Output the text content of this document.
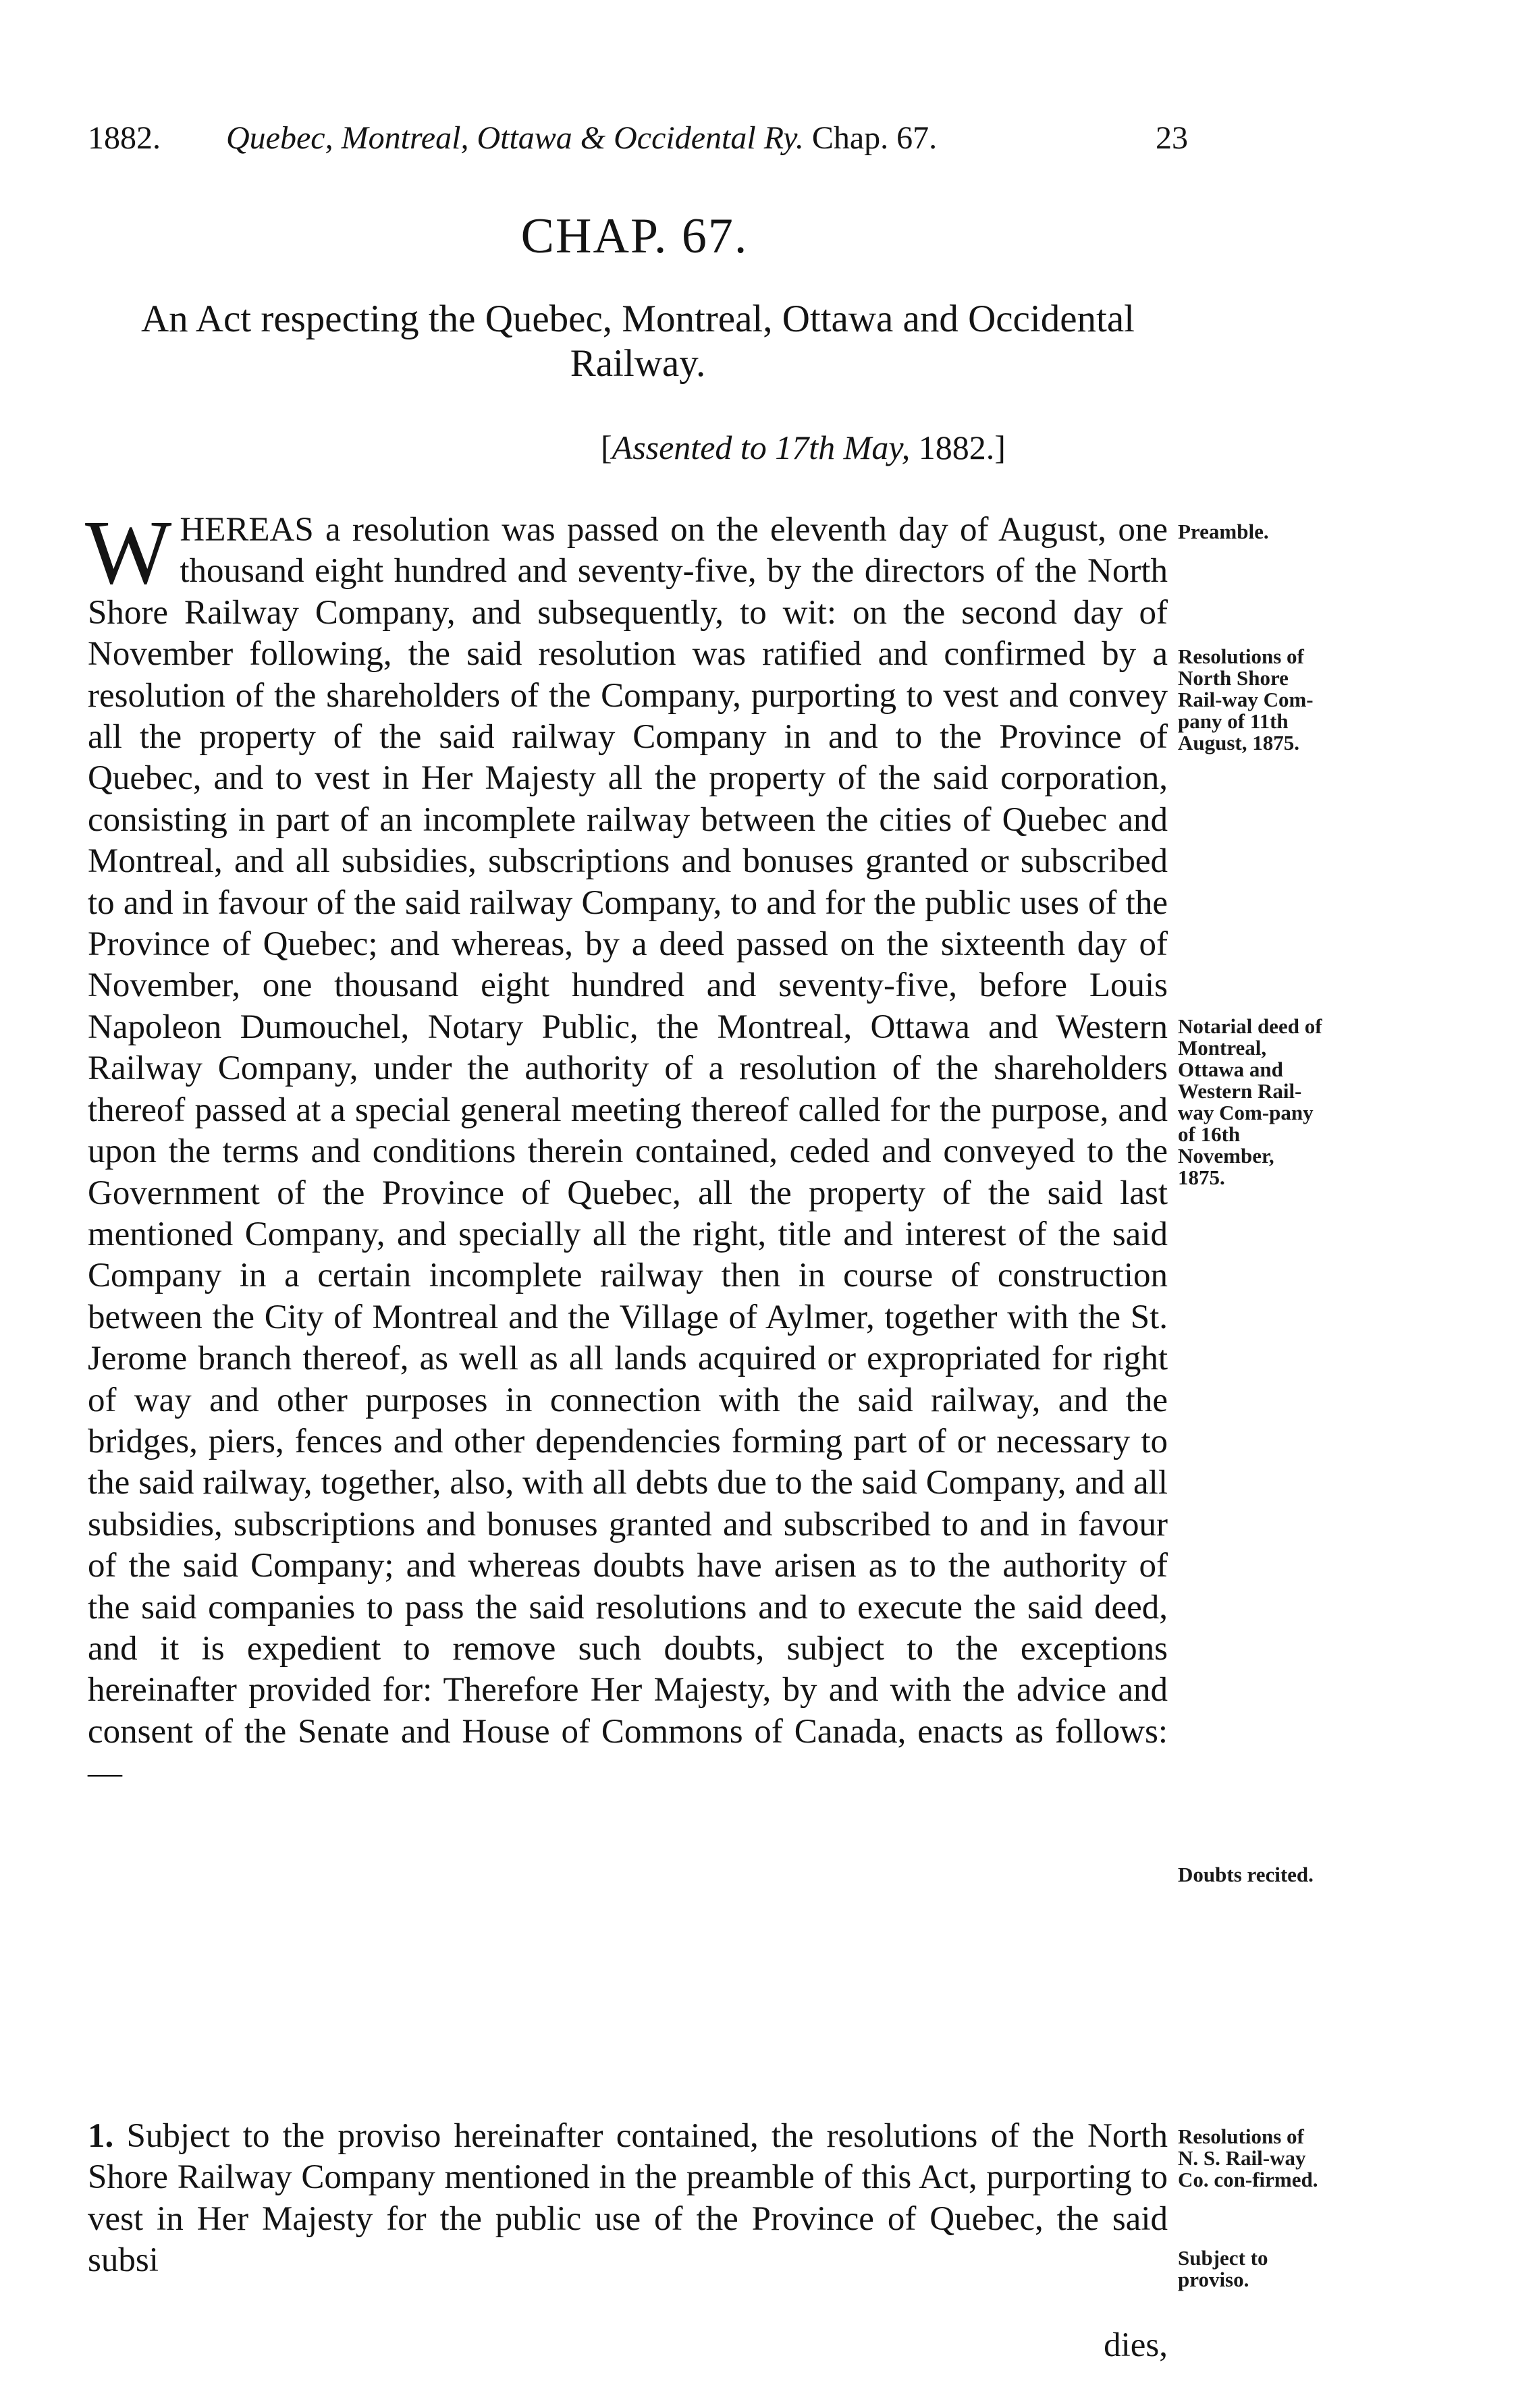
1882. Quebec, Montreal, Ottawa & Occidental Ry. Chap. 67.	23
CHAP. 67.
An Act respecting the Quebec, Montreal, Ottawa and Occidental Railway.
[Assented to 17th May, 1882.]
WHEREAS a resolution was passed on the eleventh day of August, one thousand eight hundred and seventy-five, by the directors of the North Shore Railway Company, and subsequently, to wit: on the second day of November following, the said resolution was ratified and confirmed by a resolution of the shareholders of the Company, purporting to vest and convey all the property of the said railway Company in and to the Province of Quebec, and to vest in Her Majesty all the property of the said corporation, consisting in part of an incomplete railway between the cities of Quebec and Montreal, and all subsidies, subscriptions and bonuses granted or subscribed to and in favour of the said railway Company, to and for the public uses of the Province of Quebec; and whereas, by a deed passed on the sixteenth day of November, one thousand eight hundred and seventy-five, before Louis Napoleon Dumouchel, Notary Public, the Montreal, Ottawa and Western Railway Company, under the authority of a resolution of the shareholders thereof passed at a special general meeting thereof called for the purpose, and upon the terms and conditions therein contained, ceded and conveyed to the Government of the Province of Quebec, all the property of the said last mentioned Company, and specially all the right, title and interest of the said Company in a certain incomplete railway then in course of construction between the City of Montreal and the Village of Aylmer, together with the St. Jerome branch thereof, as well as all lands acquired or expropriated for right of way and other purposes in connection with the said railway, and the bridges, piers, fences and other dependencies forming part of or necessary to the said railway, together, also, with all debts due to the said Company, and all subsidies, subscriptions and bonuses granted and subscribed to and in favour of the said Company; and whereas doubts have arisen as to the authority of the said companies to pass the said resolutions and to execute the said deed, and it is expedient to remove such doubts, subject to the exceptions hereinafter provided for: Therefore Her Majesty, by and with the advice and consent of the Senate and House of Commons of Canada, enacts as follows:—
1. Subject to the proviso hereinafter contained, the resolutions of the North Shore Railway Company mentioned in the preamble of this Act, purporting to vest in Her Majesty for the public use of the Province of Quebec, the said subsi
dies,
Preamble.
Resolutions of North Shore Rail-way Com-pany of 11th August, 1875.
Notarial deed of Montreal, Ottawa and Western Rail-way Com-pany of 16th November, 1875.
Doubts recited.
Resolutions of N. S. Rail-way Co. con-firmed.
Subject to proviso.
